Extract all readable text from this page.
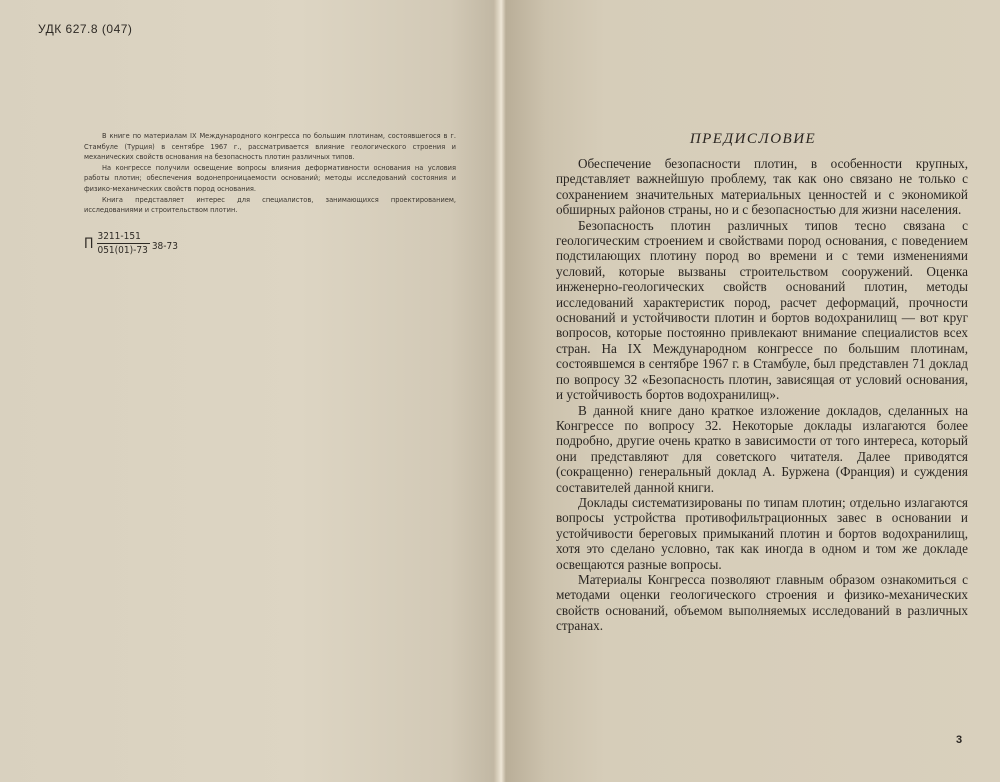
УДК 627.8 (047)

В книге по материалам IX Международного конгресса по большим плотинам, состоявшегося в г. Стамбуле (Турция) в сентябре 1967 г., рассматривается влияние геологического строения и механических свойств основания на безопасность плотин различных типов.

На конгрессе получили освещение вопросы влияния деформативности основания на условия работы плотин; обеспечения водонепроницаемости оснований; методы исследований состояния и физико-механических свойств пород основания.

Книга представляет интерес для специалистов, занимающихся проектированием, исследованиями и строительством плотин.

П $\frac{3211-151}{051(01)-73} 38-73$
ПРЕДИСЛОВИЕ

Обеспечение безопасности плотин, в особенности крупных, представляет важнейшую проблему, так как оно связано не только с сохранением значительных материальных ценностей и с экономикой обширных районов страны, но и с безопасностью для жизни населения.

Безопасность плотин различных типов тесно связана с геологическим строением и свойствами пород основания, с поведением подстилающих плотину пород во времени и с теми изменениями условий, которые вызваны строительством сооружений. Оценка инженерно-геологических свойств оснований плотин, методы исследований характеристик пород, расчет деформаций, прочности оснований и устойчивости плотин и бортов водохранилищ — вот круг вопросов, которые постоянно привлекают внимание специалистов всех стран. На IX Международном конгрессе по большим плотинам, состоявшемся в сентябре 1967 г. в Стамбуле, был представлен 71 доклад по вопросу 32 «Безопасность плотин, зависящая от условий основания, и устойчивость бортов водохранилищ».

В данной книге дано краткое изложение докладов, сделанных на Конгрессе по вопросу 32. Некоторые доклады излагаются более подробно, другие очень кратко в зависимости от того интереса, который они представляют для советского читателя. Далее приводятся (сокращенно) генеральный доклад А. Буржена (Франция) и суждения составителей данной книги.

Доклады систематизированы по типам плотин; отдельно излагаются вопросы устройства противофильтрационных завес в основании и устойчивости береговых примыканий плотин и бортов водохранилищ, хотя это сделано условно, так как иногда в одном и том же докладе освещаются разные вопросы.

Материалы Конгресса позволяют главным образом ознакомиться с методами оценки геологического строения и физико-механических свойств оснований, объемом выполняемых исследований в различных странах.

3
